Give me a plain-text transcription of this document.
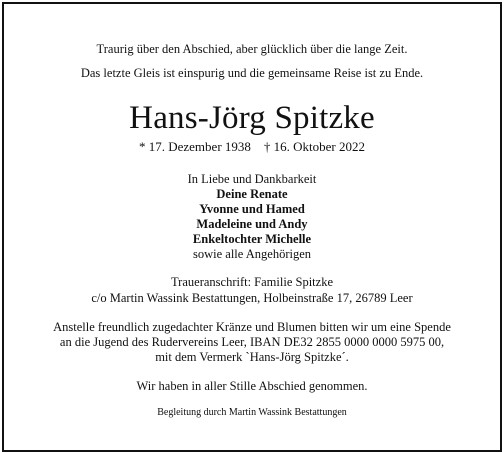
Traurig über den Abschied, aber glücklich über die lange Zeit.
Das letzte Gleis ist einspurig und die gemeinsame Reise ist zu Ende.
Hans-Jörg Spitzke
* 17. Dezember 1938    † 16. Oktober 2022
In Liebe und Dankbarkeit
Deine Renate
Yvonne und Hamed
Madeleine und Andy
Enkeltochter Michelle
sowie alle Angehörigen
Traueranschrift: Familie Spitzke
c/o Martin Wassink Bestattungen, Holbeinstraße 17, 26789 Leer
Anstelle freundlich zugedachter Kränze und Blumen bitten wir um eine Spende
an die Jugend des Rudervereins Leer, IBAN DE32 2855 0000 0000 5975 00,
mit dem Vermerk `Hans-Jörg Spitzke´.
Wir haben in aller Stille Abschied genommen.
Begleitung durch Martin Wassink Bestattungen
